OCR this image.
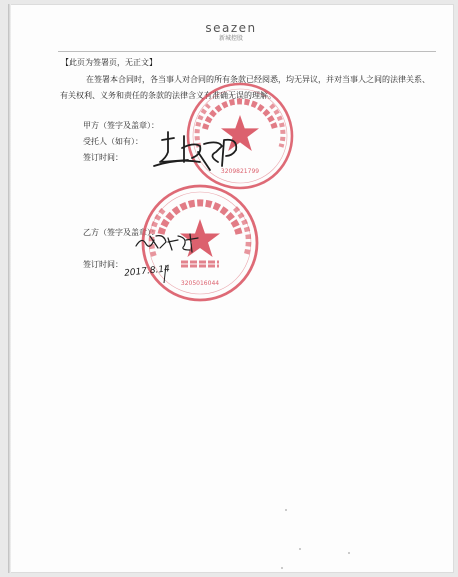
seazen
新城控股
【此页为签署页，无正文】
在签署本合同时，各当事人对合同的所有条款已经阅悉，均无异议，并对当事人之间的法律关系、
有关权利、义务和责任的条款的法律含义有准确无误的理解。
甲方（签字及盖章）：
受托人（如有）：
签订时间：
乙方（签字及盖章）：
签订时间：
3209821799
3205016044
2017.8.14
